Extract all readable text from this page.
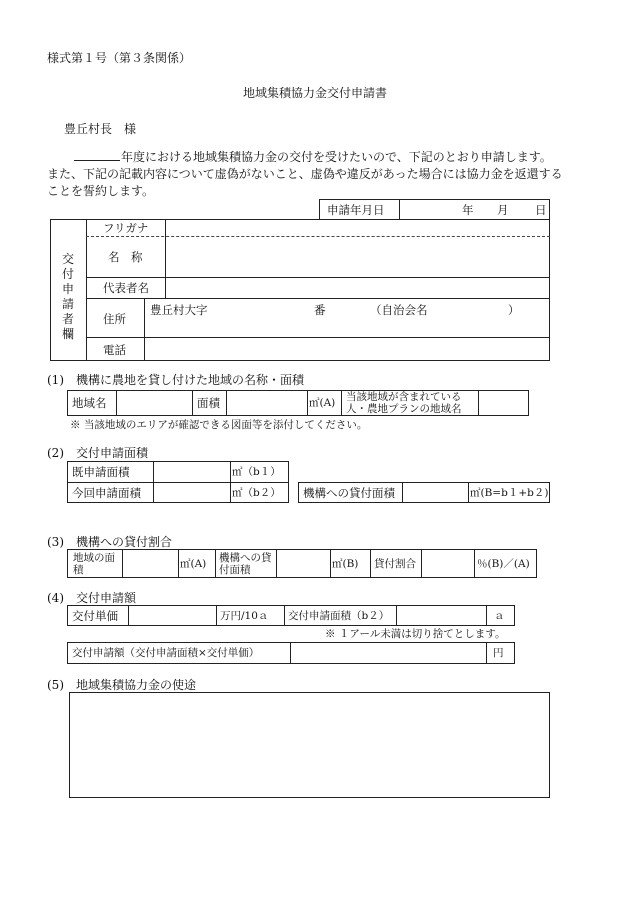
様式第１号（第３条関係）
地域集積協力金交付申請書
豊丘村長　様
年度における地域集積協力金の交付を受けたいので、下記のとおり申請します。
また、下記の記載内容について虚偽がないこと、虚偽や違反があった場合には協力金を返還する
ことを誓約します。
申請年月日	年 月 日
交付申請者欄
フリガナ
名　称
代表者名
住所
豊丘村大字	番	（自治会名	）
電話
(1)　機構に農地を貸し付けた地域の名称・面積
地域名	面積	㎡(A) 当該地域が含まれている人・農地プランの地域名
※ 当該地域のエリアが確認できる図面等を添付してください。
(2)　交付申請面積
既申請面積	㎡（b１）
今回申請面積	㎡（b２） 機構への貸付面積	㎡(B=b１+b２)
(3)　機構への貸付割合
地域の面積	㎡(A) 機構への貸付面積	㎡(B) 貸付割合	％(B)／(A)
(4)　交付申請額
交付単価	万円/10ａ 交付申請面積（b２）	ａ
※ １アール未満は切り捨てとします。
交付申請額（交付申請面積×交付単価）	円
(5)　地域集積協力金の使途
